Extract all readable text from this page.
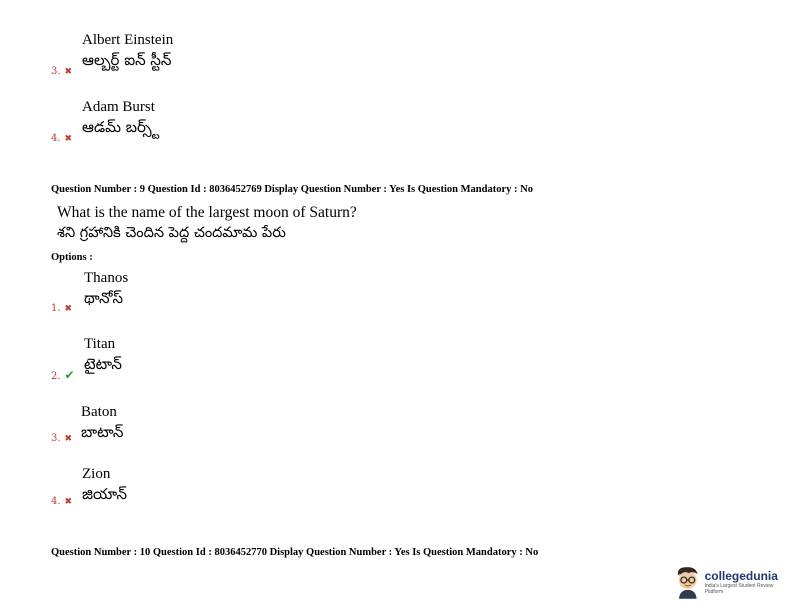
Albert Einstein
ఆల్బర్ట్ ఐన్ స్టీన్
3. ✖
Adam Burst
ఆడమ్ బర్స్ట్
4. ✖
Question Number : 9 Question Id : 8036452769 Display Question Number : Yes Is Question Mandatory : No
What is the name of the largest moon of Saturn?
శని గ్రహానికి చెందిన పెద్ద చందమామ పేరు
Options :
Thanos
థానోస్
1. ✖
Titan
టైటాన్
2. ✔
Baton
బాటాన్
3. ✖
Zion
జియాన్
4. ✖
Question Number : 10 Question Id : 8036452770 Display Question Number : Yes Is Question Mandatory : No
collegedunia
India's Largest Student Review Platform
